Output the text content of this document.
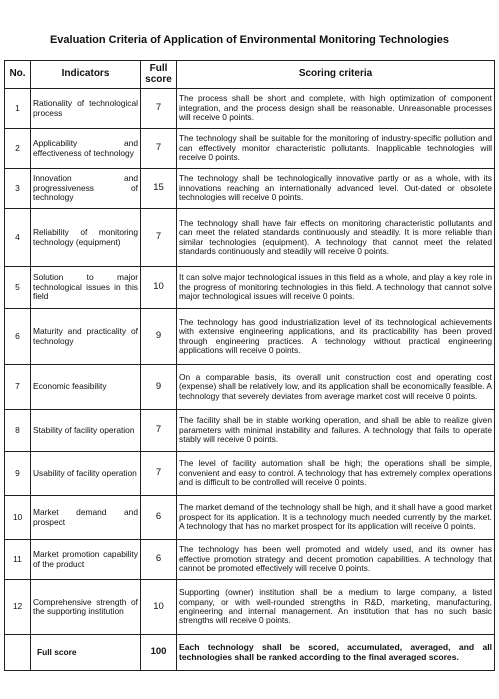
Evaluation Criteria of Application of Environmental Monitoring Technologies
No.	Indicators	Full score	Scoring criteria
1	Rationality of technological process	7	The process shall be short and complete, with high optimization of component integration, and the process design shall be reasonable. Unreasonable processes will receive 0 points.
2	Applicability and effectiveness of technology	7	The technology shall be suitable for the monitoring of industry-specific pollution and can effectively monitor characteristic pollutants. Inapplicable technologies will receive 0 points.
3	Innovation and progressiveness of technology	15	The technology shall be technologically innovative partly or as a whole, with its innovations reaching an internationally advanced level. Out-dated or obsolete technologies will receive 0 points.
4	Reliability of monitoring technology (equipment)	7	The technology shall have fair effects on monitoring characteristic pollutants and can meet the related standards continuously and steadily. It is more reliable than similar technologies (equipment). A technology that cannot meet the related standards continuously and steadily will receive 0 points.
5	Solution to major technological issues in this field	10	It can solve major technological issues in this field as a whole, and play a key role in the progress of monitoring technologies in this field. A technology that cannot solve major technological issues will receive 0 points.
6	Maturity and practicality of technology	9	The technology has good industrialization level of its technological achievements with extensive engineering applications, and its practicability has been proved through engineering practices. A technology without practical engineering applications will receive 0 points.
7	Economic feasibility	9	On a comparable basis, its overall unit construction cost and operating cost (expense) shall be relatively low, and its application shall be economically feasible. A technology that severely deviates from average market cost will receive 0 points.
8	Stability of facility operation	7	The facility shall be in stable working operation, and shall be able to realize given parameters with minimal instability and failures. A technology that fails to operate stably will receive 0 points.
9	Usability of facility operation	7	The level of facility automation shall be high; the operations shall be simple, convenient and easy to control. A technology that has extremely complex operations and is difficult to be controlled will receive 0 points.
10	Market demand and prospect	6	The market demand of the technology shall be high, and it shall have a good market prospect for its application. It is a technology much needed currently by the market. A technology that has no market prospect for its application will receive 0 points.
11	Market promotion capability of the product	6	The technology has been well promoted and widely used, and its owner has effective promotion strategy and decent promotion capabilities. A technology that cannot be promoted effectively will receive 0 points.
12	Comprehensive strength of the supporting institution	10	Supporting (owner) institution shall be a medium to large company, a listed company, or with well-rounded strengths in R&D, marketing, manufacturing, engineering and internal management. An institution that has no such basic strengths will receive 0 points.
	Full score	100	Each technology shall be scored, accumulated, averaged, and all technologies shall be ranked according to the final averaged scores.
